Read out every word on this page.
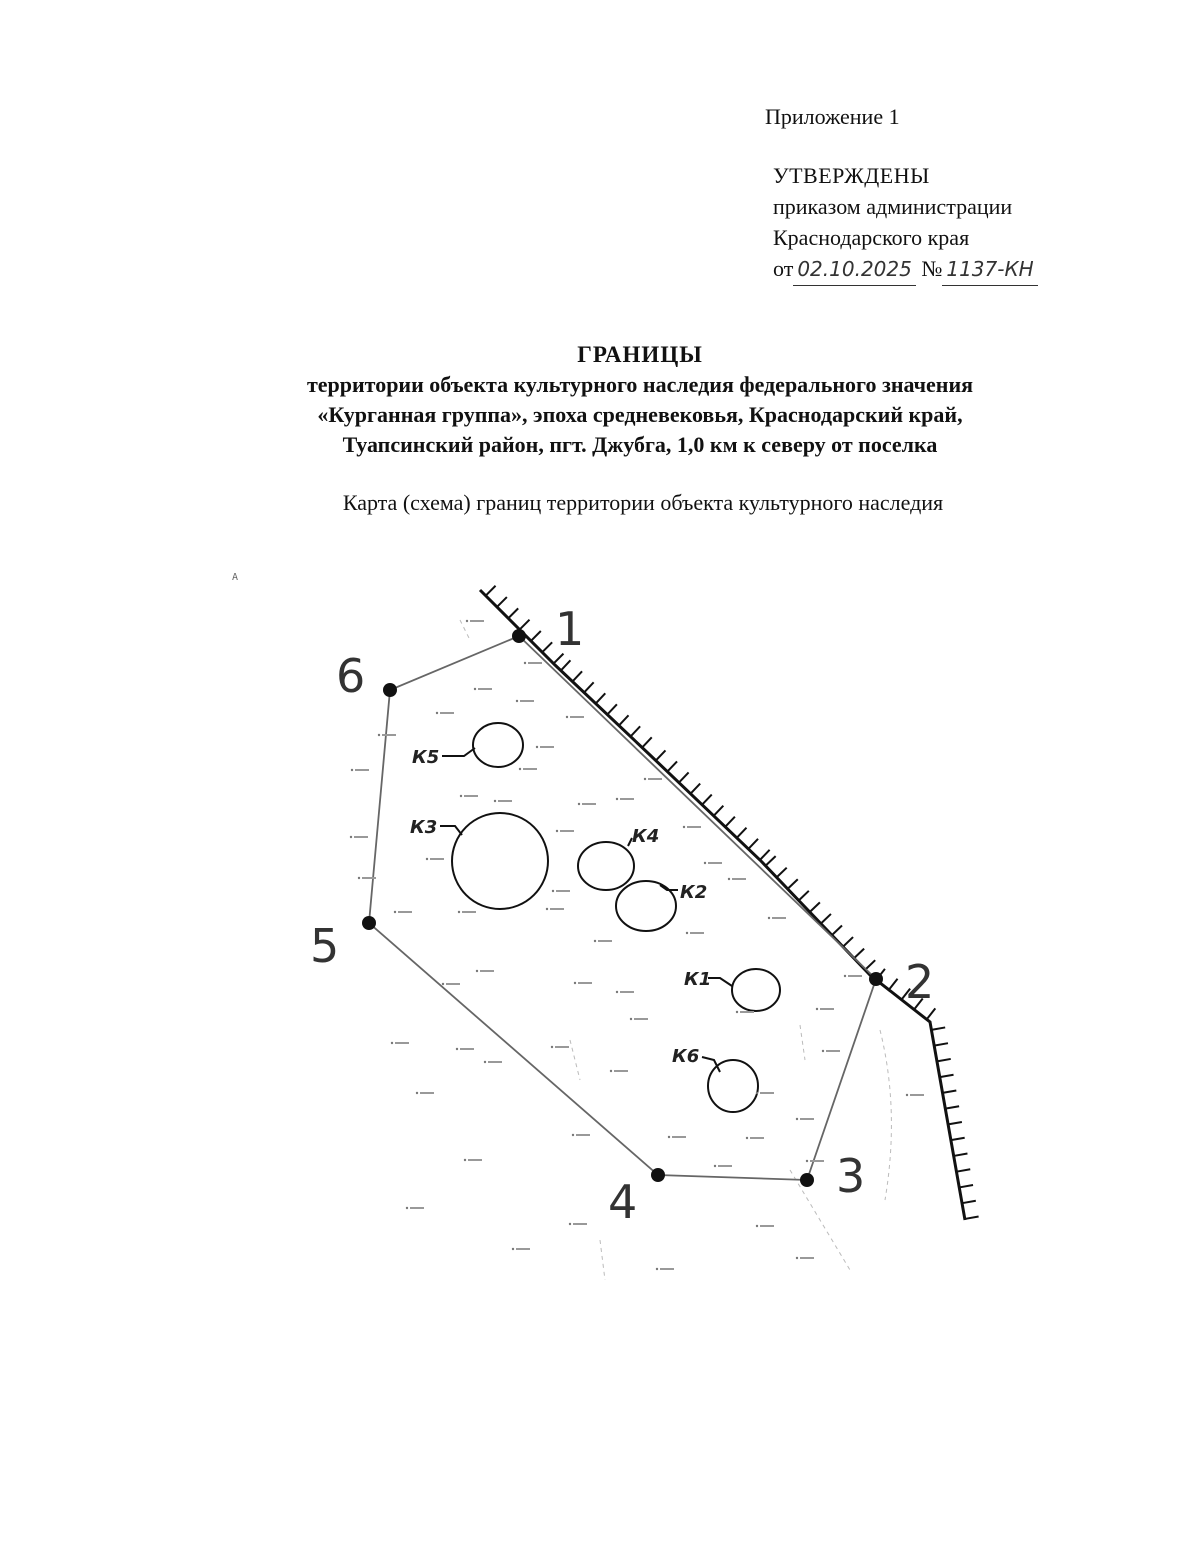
Приложение 1
УТВЕРЖДЕНЫ
приказом администрации
Краснодарского края
от 02.10.2025 № 1137-КН
ГРАНИЦЫ
территории объекта культурного наследия федерального значения
«Курганная группа», эпоха средневековья, Краснодарский край,
Туапсинский район, пгт. Джубга, 1,0 км к северу от поселка
Карта (схема) границ территории объекта культурного наследия
А
1
2
3
4
5
6
К5
К3	К4
К2
К1
К6
